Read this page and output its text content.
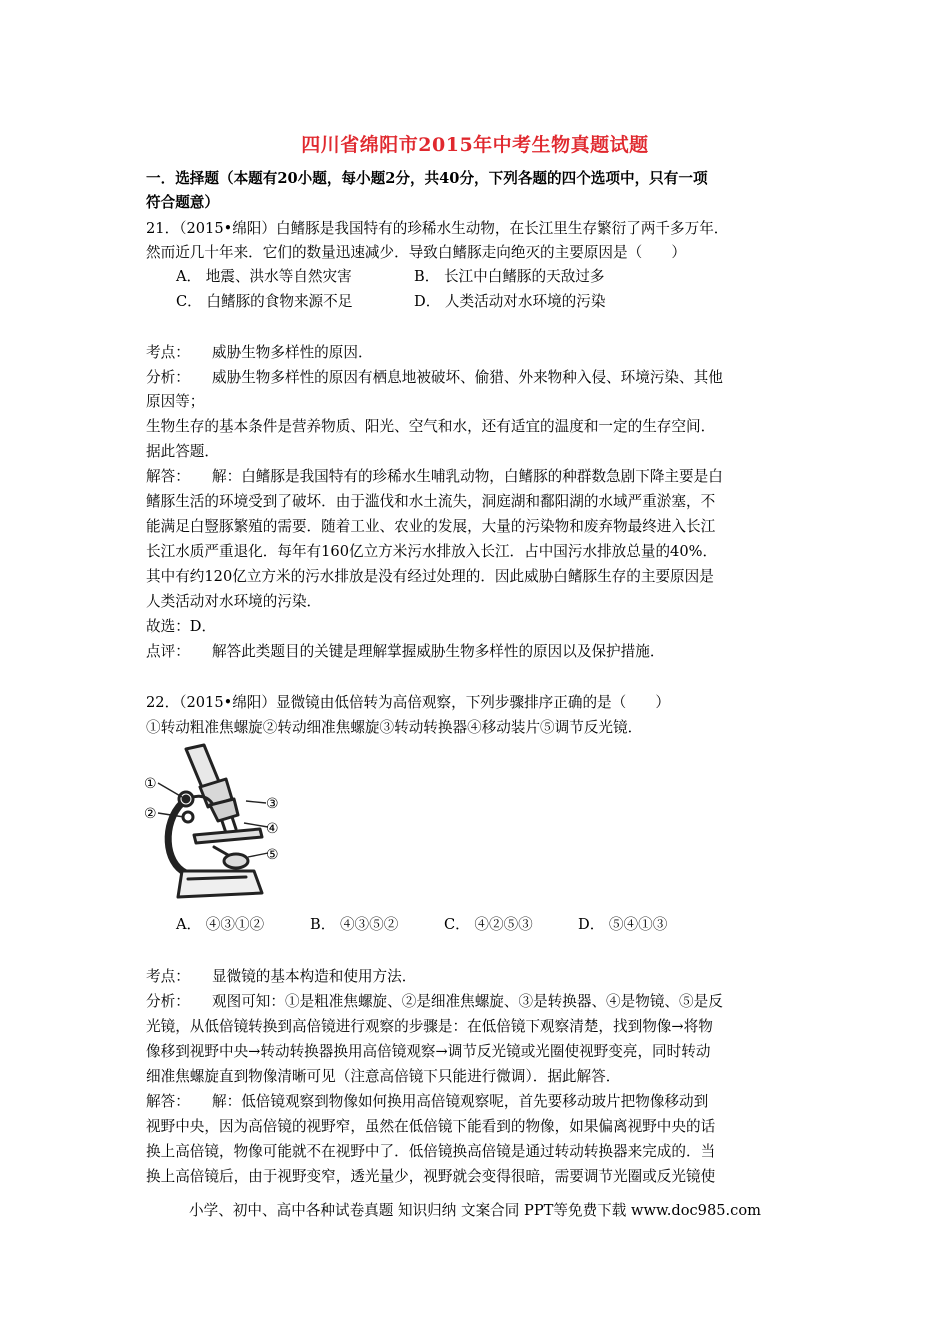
四川省绵阳市2015年中考生物真题试题
一．选择题（本题有20小题，每小题2分，共40分，下列各题的四个选项中，只有一项
符合题意）
21．（2015•绵阳）白鳍豚是我国特有的珍稀水生动物，在长江里生存繁衍了两千多万年．
然而近几十年来．它们的数量迅速减少．导致白鳍豚走向绝灭的主要原因是（　　）
A． 地震、洪水等自然灾害	B． 长江中白鳍豚的天敌过多
C． 白鳍豚的食物来源不足	D． 人类活动对水环境的污染
考点： 威胁生物多样性的原因．
分析： 威胁生物多样性的原因有栖息地被破坏、偷猎、外来物种入侵、环境污染、其他
原因等；
生物生存的基本条件是营养物质、阳光、空气和水，还有适宜的温度和一定的生存空间．
据此答题．
解答： 解：白鳍豚是我国特有的珍稀水生哺乳动物，白鳍豚的种群数急剧下降主要是白
鳍豚生活的环境受到了破坏．由于滥伐和水土流失，洞庭湖和鄱阳湖的水域严重淤塞，不
能满足白豎豚繁殖的需要．随着工业、农业的发展，大量的污染物和废弃物最终进入长江
长江水质严重退化．每年有160亿立方米污水排放入长江．占中国污水排放总量的40%．
其中有约120亿立方米的污水排放是没有经过处理的．因此威胁白鳍豚生存的主要原因是
人类活动对水环境的污染．
故选：D．
点评： 解答此类题目的关键是理解掌握威胁生物多样性的原因以及保护措施．
22．（2015•绵阳）显微镜由低倍转为高倍观察，下列步骤排序正确的是（　　）
①转动粗准焦螺旋②转动细准焦螺旋③转动转换器④移动装片⑤调节反光镜．
①
②
③
④
⑤
A． ④③①②	B． ④③⑤②	C． ④②⑤③	D． ⑤④①③
考点： 显微镜的基本构造和使用方法．
分析： 观图可知：①是粗准焦螺旋、②是细准焦螺旋、③是转换器、④是物镜、⑤是反
光镜，从低倍镜转换到高倍镜进行观察的步骤是：在低倍镜下观察清楚，找到物像→将物
像移到视野中央→转动转换器换用高倍镜观察→调节反光镜或光圈使视野变亮，同时转动
细准焦螺旋直到物像清晰可见（注意高倍镜下只能进行微调）．据此解答．
解答： 解：低倍镜观察到物像如何换用高倍镜观察呢，首先要移动玻片把物像移动到
视野中央，因为高倍镜的视野窄，虽然在低倍镜下能看到的物像，如果偏离视野中央的话
换上高倍镜，物像可能就不在视野中了．低倍镜换高倍镜是通过转动转换器来完成的．当
换上高倍镜后，由于视野变窄，透光量少，视野就会变得很暗，需要调节光圈或反光镜使
小学、初中、高中各种试卷真题 知识归纳 文案合同 PPT等免费下载 www.doc985.com
